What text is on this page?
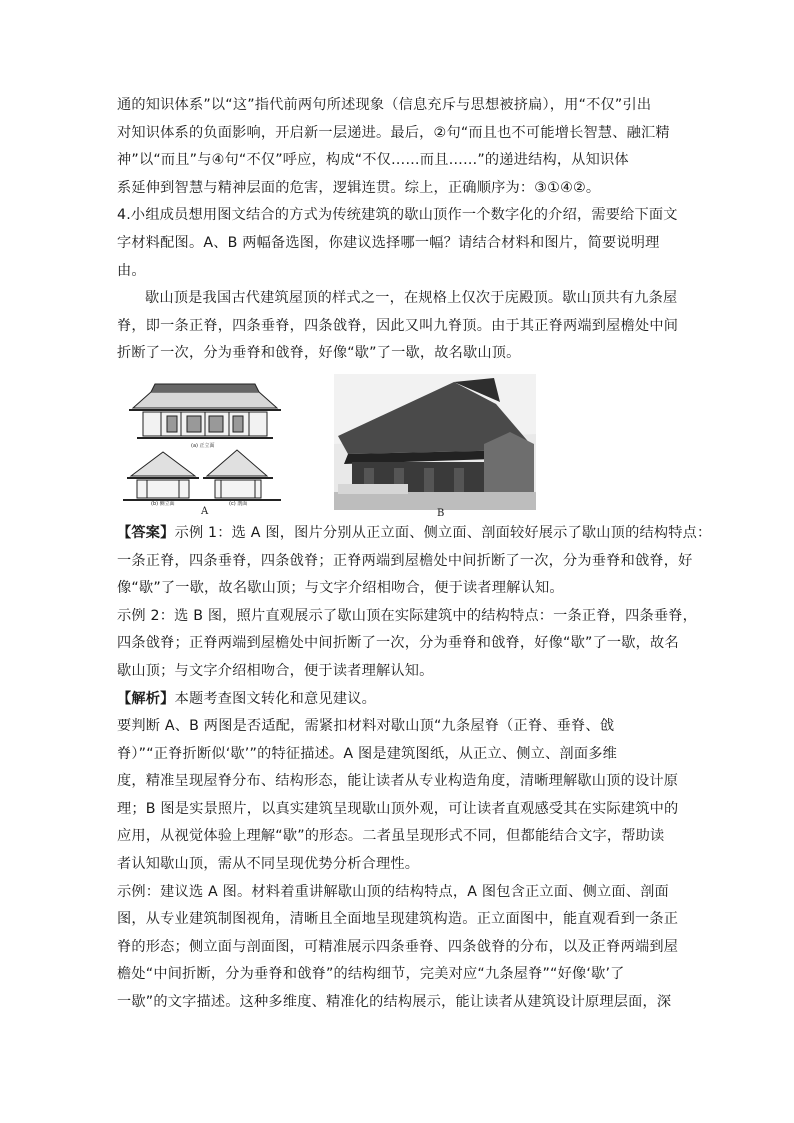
通的知识体系”以“这”指代前两句所述现象（信息充斥与思想被挤扁），用“不仅”引出

对知识体系的负面影响，开启新一层递进。最后，②句“而且也不可能增长智慧、融汇精

神”以“而且”与④句“不仅”呼应，构成“不仅……而且……”的递进结构，从知识体

系延伸到智慧与精神层面的危害，逻辑连贯。综上，正确顺序为：③①④②。

4.小组成员想用图文结合的方式为传统建筑的歇山顶作一个数字化的介绍，需要给下面文

字材料配图。A、B 两幅备选图，你建议选择哪一幅？请结合材料和图片，简要说明理

由。

歇山顶是我国古代建筑屋顶的样式之一，在规格上仅次于庑殿顶。歇山顶共有九条屋

脊，即一条正脊，四条垂脊，四条戗脊，因此又叫九脊顶。由于其正脊两端到屋檐处中间

折断了一次，分为垂脊和戗脊，好像“歇”了一歇，故名歇山顶。

(a) 正立面
(b) 侧立面	(c) 剖面
A	B
【答案】示例 1：选 A 图，图片分别从正立面、侧立面、剖面较好展示了歇山顶的结构特点：

一条正脊，四条垂脊，四条戗脊；正脊两端到屋檐处中间折断了一次，分为垂脊和戗脊，好

像“歇”了一歇，故名歇山顶；与文字介绍相吻合，便于读者理解认知。

示例 2：选 B 图，照片直观展示了歇山顶在实际建筑中的结构特点：一条正脊，四条垂脊，

四条戗脊；正脊两端到屋檐处中间折断了一次，分为垂脊和戗脊，好像“歇”了一歇，故名

歇山顶；与文字介绍相吻合，便于读者理解认知。

【解析】本题考查图文转化和意见建议。

要判断 A、B 两图是否适配，需紧扣材料对歇山顶“九条屋脊（正脊、垂脊、戗

脊）”“正脊折断似‘歇’”的特征描述。A 图是建筑图纸，从正立、侧立、剖面多维

度，精准呈现屋脊分布、结构形态，能让读者从专业构造角度，清晰理解歇山顶的设计原

理；B 图是实景照片，以真实建筑呈现歇山顶外观，可让读者直观感受其在实际建筑中的

应用，从视觉体验上理解“歇”的形态。二者虽呈现形式不同，但都能结合文字，帮助读

者认知歇山顶，需从不同呈现优势分析合理性。

示例：建议选 A 图。材料着重讲解歇山顶的结构特点，A 图包含正立面、侧立面、剖面

图，从专业建筑制图视角，清晰且全面地呈现建筑构造。正立面图中，能直观看到一条正

脊的形态；侧立面与剖面图，可精准展示四条垂脊、四条戗脊的分布，以及正脊两端到屋

檐处“中间折断，分为垂脊和戗脊”的结构细节，完美对应“九条屋脊”“好像‘歇’了

一歇”的文字描述。这种多维度、精准化的结构展示，能让读者从建筑设计原理层面，深
